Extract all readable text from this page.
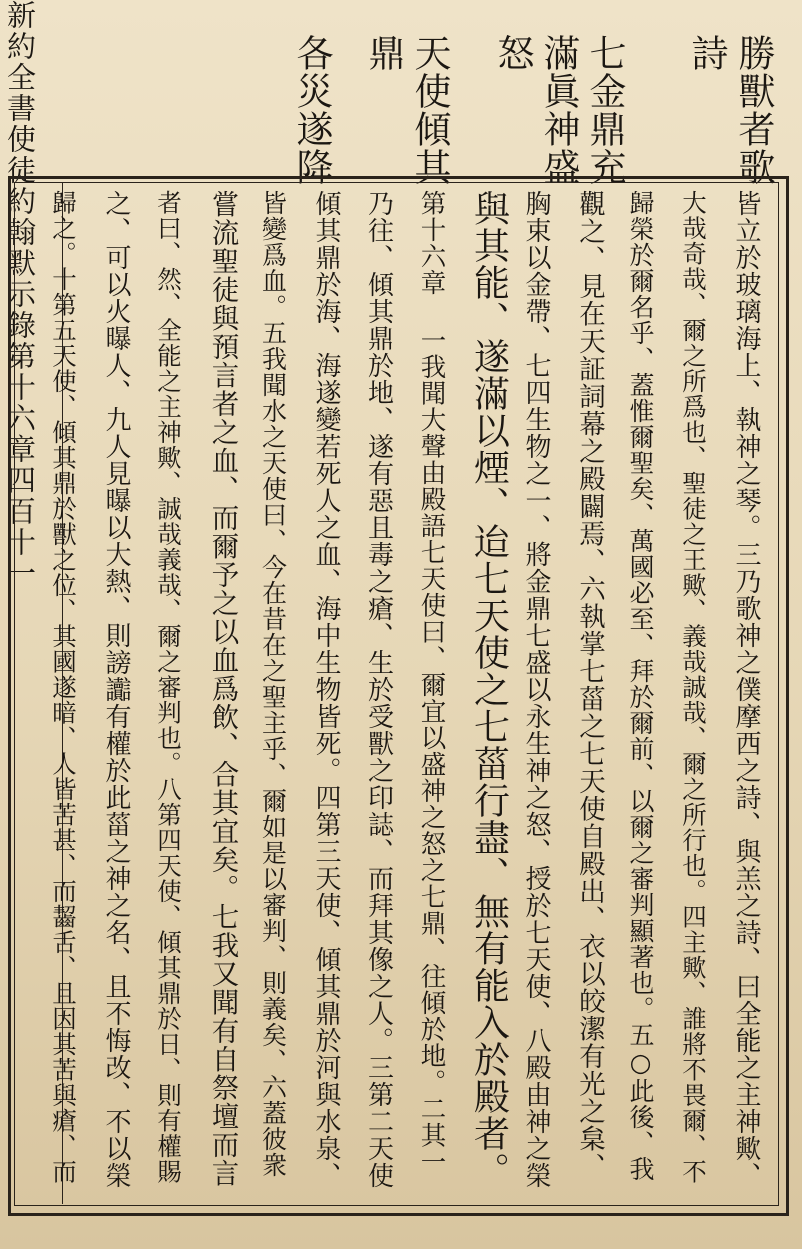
勝獸者歌
詩
七金鼎充
滿眞神盛
怒
天使傾其
鼎
各災遂降
皆立於玻璃海上、執神之琴。三乃歌神之僕摩西之詩、與羔之詩、曰全能之主神歟、
大哉奇哉、爾之所爲也、聖徒之王歟、義哉誠哉、爾之所行也。四主歟、誰將不畏爾、不
歸榮於爾名乎、蓋惟爾聖矣、萬國必至、拜於爾前、以爾之審判顯著也。五○此後、我
觀之、見在天証詞幕之殿闢焉、六執掌七菑之七天使自殿出、衣以皎潔有光之枲、
胸束以金帶、七四生物之一、將金鼎七盛以永生神之怒、授於七天使、八殿由神之榮
與其能、遂滿以煙、迨七天使之七菑行盡、無有能入於殿者。
第十六章 一我聞大聲由殿語七天使曰、爾宜以盛神之怒之七鼎、往傾於地。二其一
乃往、傾其鼎於地、遂有惡且毒之瘡、生於受獸之印誌、而拜其像之人。三第二天使
傾其鼎於海、海遂變若死人之血、海中生物皆死。四第三天使、傾其鼎於河與水泉、
皆變爲血。五我聞水之天使曰、今在昔在之聖主乎、爾如是以審判、則義矣、六蓋彼衆
嘗流聖徒與預言者之血、而爾予之以血爲飲、合其宜矣。七我又聞有自祭壇而言
者曰、然、全能之主神歟、誠哉義哉、爾之審判也。八第四天使、傾其鼎於日、則有權賜
之、可以火曝人、九人見曝以大熱、則謗讟有權於此菑之神之名、且不悔改、不以榮
歸之。十第五天使、傾其鼎於獸之位、其國遂暗、人皆苦甚、而齧舌、且因其苦與瘡、而
新約全書
使徒約翰默示錄
第十六章
四百十一
